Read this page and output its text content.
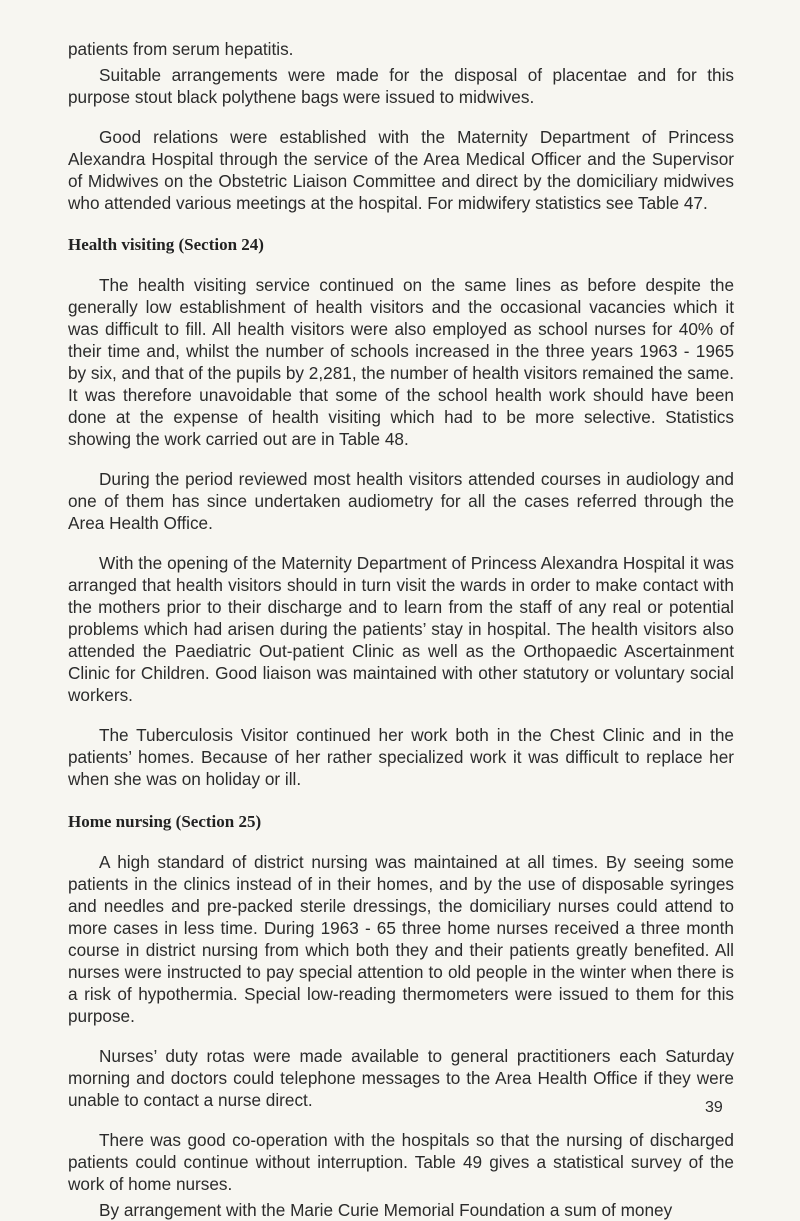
patients from serum hepatitis.

Suitable arrangements were made for the disposal of placentae and for this purpose stout black polythene bags were issued to midwives.

Good relations were established with the Maternity Department of Princess Alexandra Hospital through the service of the Area Medical Officer and the Supervisor of Midwives on the Obstetric Liaison Committee and direct by the domiciliary midwives who attended various meetings at the hospital. For midwifery statistics see Table 47.

Health visiting (Section 24)

The health visiting service continued on the same lines as before despite the generally low establishment of health visitors and the occasional vacancies which it was difficult to fill. All health visitors were also employed as school nurses for 40% of their time and, whilst the number of schools increased in the three years 1963 - 1965 by six, and that of the pupils by 2,281, the number of health visitors remained the same. It was therefore unavoidable that some of the school health work should have been done at the expense of health visiting which had to be more selective. Statistics showing the work carried out are in Table 48.

During the period reviewed most health visitors attended courses in audiology and one of them has since undertaken audiometry for all the cases referred through the Area Health Office.

With the opening of the Maternity Department of Princess Alexandra Hospital it was arranged that health visitors should in turn visit the wards in order to make contact with the mothers prior to their discharge and to learn from the staff of any real or potential problems which had arisen during the patients’ stay in hospital. The health visitors also attended the Paediatric Out-patient Clinic as well as the Orthopaedic Ascertainment Clinic for Children. Good liaison was maintained with other statutory or voluntary social workers.

The Tuberculosis Visitor continued her work both in the Chest Clinic and in the patients’ homes. Because of her rather specialized work it was difficult to replace her when she was on holiday or ill.

Home nursing (Section 25)

A high standard of district nursing was maintained at all times. By seeing some patients in the clinics instead of in their homes, and by the use of disposable syringes and needles and pre-packed sterile dressings, the domiciliary nurses could attend to more cases in less time. During 1963 - 65 three home nurses received a three month course in district nursing from which both they and their patients greatly benefited. All nurses were instructed to pay special attention to old people in the winter when there is a risk of hypothermia. Special low-reading thermometers were issued to them for this purpose.

Nurses’ duty rotas were made available to general practitioners each Saturday morning and doctors could telephone messages to the Area Health Office if they were unable to contact a nurse direct.

There was good co-operation with the hospitals so that the nursing of discharged patients could continue without interruption. Table 49 gives a statistical survey of the work of home nurses.

By arrangement with the Marie Curie Memorial Foundation a sum of money

39
